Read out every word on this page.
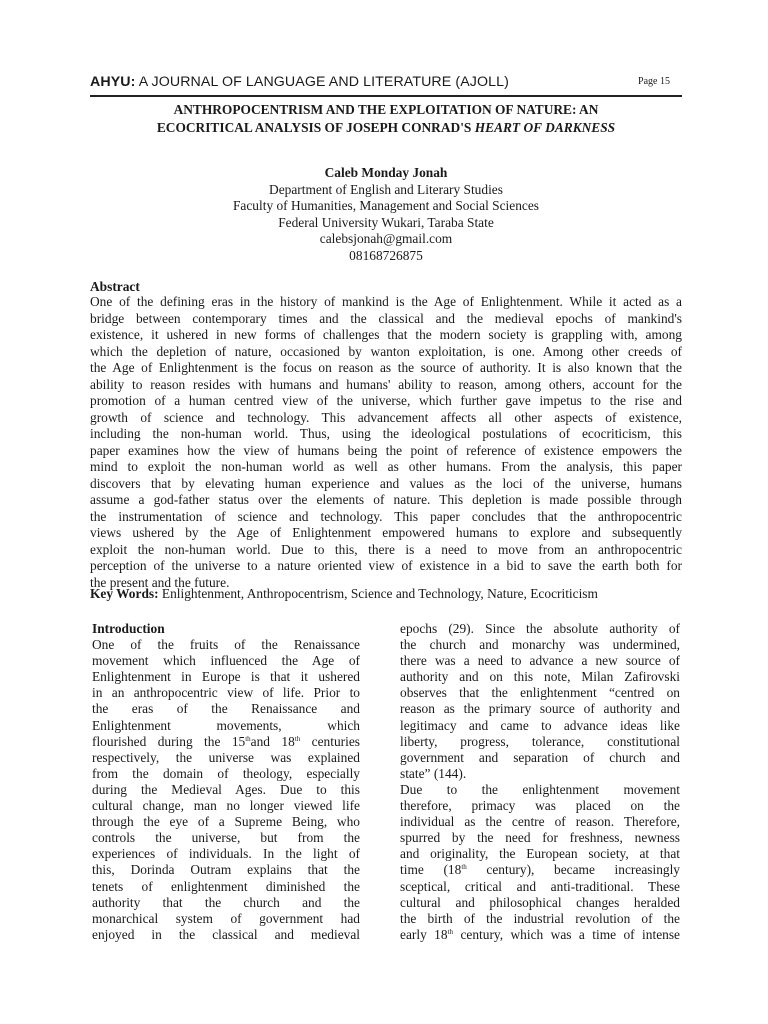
AHYU: A JOURNAL OF LANGUAGE AND LITERATURE (AJOLL)	Page 15
ANTHROPOCENTRISM AND THE EXPLOITATION OF NATURE: AN
ECOCRITICAL ANALYSIS OF JOSEPH CONRAD'S HEART OF DARKNESS
Caleb Monday Jonah
Department of English and Literary Studies
Faculty of Humanities, Management and Social Sciences
Federal University Wukari, Taraba State
calebsjonah@gmail.com
08168726875
Abstract
One of the defining eras in the history of mankind is the Age of Enlightenment. While it acted as a
bridge between contemporary times and the classical and the medieval epochs of mankind's
existence, it ushered in new forms of challenges that the modern society is grappling with, among
which the depletion of nature, occasioned by wanton exploitation, is one. Among other creeds of
the Age of Enlightenment is the focus on reason as the source of authority. It is also known that the
ability to reason resides with humans and humans' ability to reason, among others, account for the
promotion of a human centred view of the universe, which further gave impetus to the rise and
growth of science and technology. This advancement affects all other aspects of existence,
including the non-human world. Thus, using the ideological postulations of ecocriticism, this
paper examines how the view of humans being the point of reference of existence empowers the
mind to exploit the non-human world as well as other humans. From the analysis, this paper
discovers that by elevating human experience and values as the loci of the universe, humans
assume a god-father status over the elements of nature. This depletion is made possible through
the instrumentation of science and technology. This paper concludes that the anthropocentric
views ushered by the Age of Enlightenment empowered humans to explore and subsequently
exploit the non-human world. Due to this, there is a need to move from an anthropocentric
perception of the universe to a nature oriented view of existence in a bid to save the earth both for
the present and the future.
Key Words: Enlightenment, Anthropocentrism, Science and Technology, Nature, Ecocriticism
Introduction
One of the fruits of the Renaissance
movement which influenced the Age of
Enlightenment in Europe is that it ushered
in an anthropocentric view of life. Prior to
the eras of the Renaissance and
Enlightenment movements, which
flourished during the 15thand 18th centuries
respectively, the universe was explained
from the domain of theology, especially
during the Medieval Ages. Due to this
cultural change, man no longer viewed life
through the eye of a Supreme Being, who
controls the universe, but from the
experiences of individuals. In the light of
this, Dorinda Outram explains that the
tenets of enlightenment diminished the
authority that the church and the
monarchical system of government had
enjoyed in the classical and medieval
epochs (29). Since the absolute authority of
the church and monarchy was undermined,
there was a need to advance a new source of
authority and on this note, Milan Zafirovski
observes that the enlightenment “centred on
reason as the primary source of authority and
legitimacy and came to advance ideas like
liberty, progress, tolerance, constitutional
government and separation of church and
state” (144).
Due to the enlightenment movement
therefore, primacy was placed on the
individual as the centre of reason. Therefore,
spurred by the need for freshness, newness
and originality, the European society, at that
time (18th century), became increasingly
sceptical, critical and anti-traditional. These
cultural and philosophical changes heralded
the birth of the industrial revolution of the
early 18th century, which was a time of intense
